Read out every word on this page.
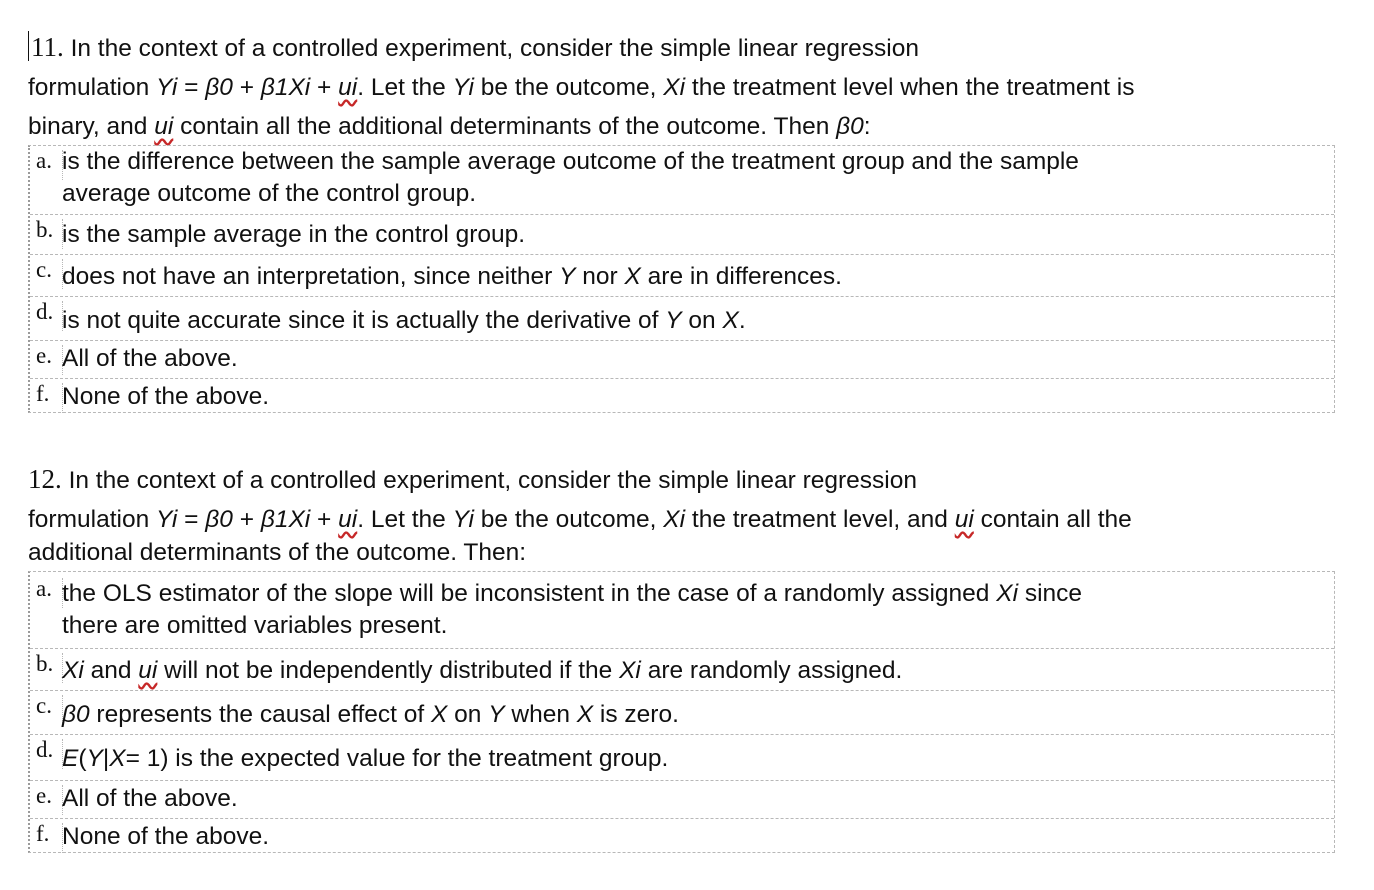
11. In the context of a controlled experiment, consider the simple linear regression
formulation Yi = β0 + β1Xi + ui. Let the Yi be the outcome, Xi the treatment level when the treatment is
binary, and ui contain all the additional determinants of the outcome. Then β0:
a. is the difference between the sample average outcome of the treatment group and the sample
average outcome of the control group.
b. is the sample average in the control group.
c. does not have an interpretation, since neither Y nor X are in differences.
d. is not quite accurate since it is actually the derivative of Y on X.
e. All of the above.
f. None of the above.
12. In the context of a controlled experiment, consider the simple linear regression
formulation Yi = β0 + β1Xi + ui. Let the Yi be the outcome, Xi the treatment level, and ui contain all the
additional determinants of the outcome. Then:
a. the OLS estimator of the slope will be inconsistent in the case of a randomly assigned Xi since
there are omitted variables present.
b. Xi and ui will not be independently distributed if the Xi are randomly assigned.
c. β0 represents the causal effect of X on Y when X is zero.
d. E(Y|X= 1) is the expected value for the treatment group.
e. All of the above.
f. None of the above.
